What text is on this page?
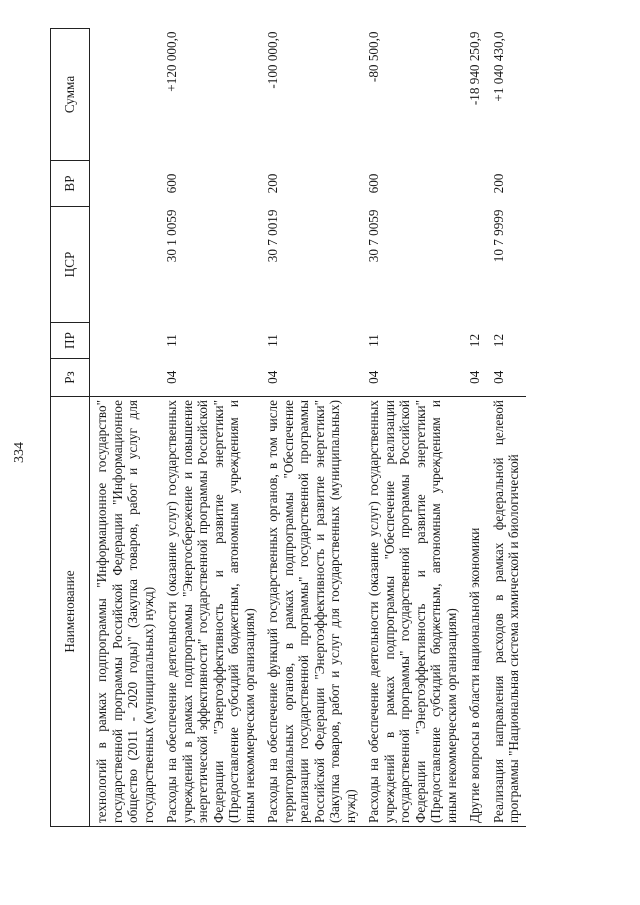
334
Наименование	Рз	ПР	ЦСР	ВР	Сумма
технологий в рамках подпрограммы "Информационное государство" государственной программы Российской Федерации "Информационное общество (2011 - 2020 годы)" (Закупка товаров, работ и услуг для государственных (муниципальных) нужд)					
Расходы на обеспечение деятельности (оказание услуг) государственных учреждений в рамках подпрограммы "Энергосбережение и повышение энергетической эффективности" государственной программы Российской Федерации "Энергоэффективность и развитие энергетики" (Предоставление субсидий бюджетным, автономным учреждениям и иным некоммерческим организациям)	04	11	30 1 0059	600	+120 000,0
Расходы на обеспечение функций государственных органов, в том числе территориальных органов, в рамках подпрограммы "Обеспечение реализации государственной программы" государственной программы Российской Федерации "Энергоэффективность и развитие энергетики" (Закупка товаров, работ и услуг для государственных (муниципальных) нужд)	04	11	30 7 0019	200	-100 000,0
Расходы на обеспечение деятельности (оказание услуг) государственных учреждений в рамках подпрограммы "Обеспечение реализации государственной программы" государственной программы Российской Федерации "Энергоэффективность и развитие энергетики" (Предоставление субсидий бюджетным, автономным учреждениям и иным некоммерческим организациям)	04	11	30 7 0059	600	-80 500,0
Другие вопросы в области национальной экономики	04	12			-18 940 250,9
Реализация направления расходов в рамках федеральной целевой программы "Национальная система химической и биологической	04	12	10 7 9999	200	+1 040 430,0
